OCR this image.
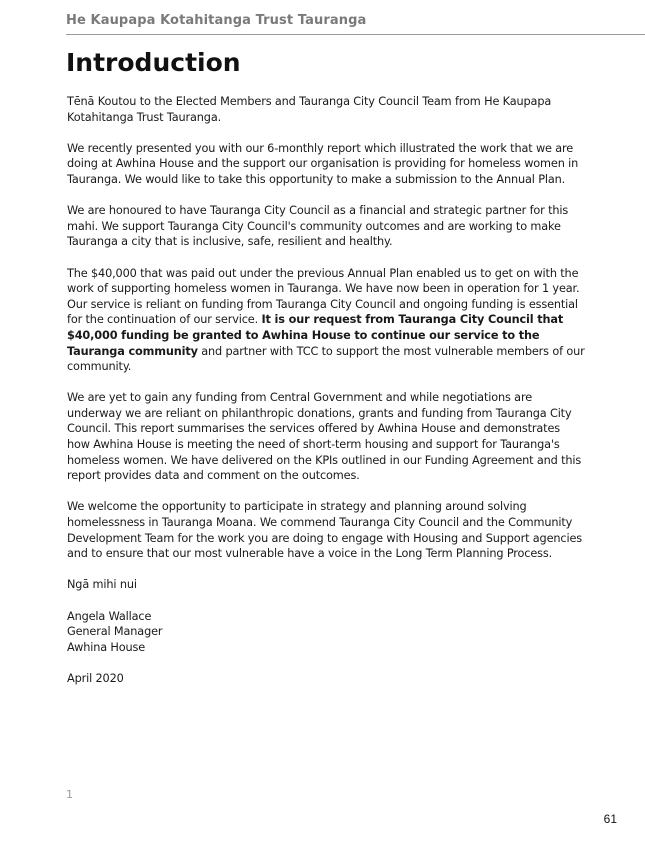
He Kaupapa Kotahitanga Trust Tauranga
Introduction

Tēnā Koutou to the Elected Members and Tauranga City Council Team from He Kaupapa Kotahitanga Trust Tauranga.

We recently presented you with our 6-monthly report which illustrated the work that we are doing at Awhina House and the support our organisation is providing for homeless women in Tauranga. We would like to take this opportunity to make a submission to the Annual Plan.

We are honoured to have Tauranga City Council as a financial and strategic partner for this mahi. We support Tauranga City Council's community outcomes and are working to make Tauranga a city that is inclusive, safe, resilient and healthy.

The $40,000 that was paid out under the previous Annual Plan enabled us to get on with the work of supporting homeless women in Tauranga. We have now been in operation for 1 year. Our service is reliant on funding from Tauranga City Council and ongoing funding is essential for the continuation of our service. It is our request from Tauranga City Council that $40,000 funding be granted to Awhina House to continue our service to the Tauranga community and partner with TCC to support the most vulnerable members of our community.

We are yet to gain any funding from Central Government and while negotiations are underway we are reliant on philanthropic donations, grants and funding from Tauranga City Council. This report summarises the services offered by Awhina House and demonstrates how Awhina House is meeting the need of short-term housing and support for Tauranga's homeless women. We have delivered on the KPIs outlined in our Funding Agreement and this report provides data and comment on the outcomes.

We welcome the opportunity to participate in strategy and planning around solving homelessness in Tauranga Moana. We commend Tauranga City Council and the Community Development Team for the work you are doing to engage with Housing and Support agencies and to ensure that our most vulnerable have a voice in the Long Term Planning Process.

Ngā mihi nui

Angela Wallace
General Manager
Awhina House

April 2020

1
61
